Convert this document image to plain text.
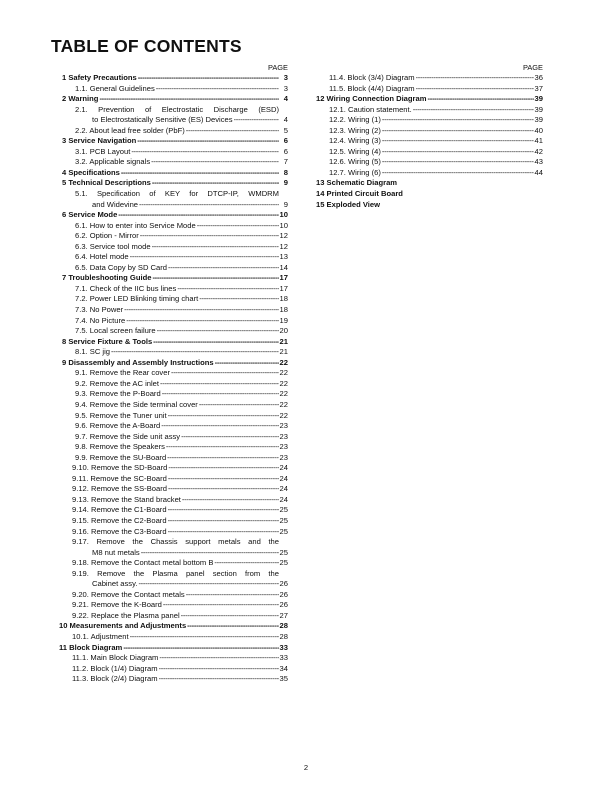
TABLE OF CONTENTS
PAGE
1 Safety Precautions -----	3
1.1. General Guidelines -----	3
2 Warning -----	4
2.1. Prevention of Electrostatic Discharge (ESD)
to Electrostatically Sensitive (ES) Devices -----	4
2.2. About lead free solder (PbF) -----	5
3 Service Navigation -----	6
3.1. PCB Layout -----	6
3.2. Applicable signals -----	7
4 Specifications -----	8
5 Technical Descriptions -----	9
5.1. Specification of KEY for DTCP-IP, WMDRM
and Widevine -----	9
6 Service Mode -----	10
6.1. How to enter into Service Mode -----	10
6.2. Option - Mirror -----	12
6.3. Service tool mode -----	12
6.4. Hotel mode -----	13
6.5. Data Copy by SD Card -----	14
7 Troubleshooting Guide -----	17
7.1. Check of the IIC bus lines -----	17
7.2. Power LED Blinking timing chart -----	18
7.3. No Power -----	18
7.4. No Picture -----	19
7.5. Local screen failure -----	20
8 Service Fixture & Tools -----	21
8.1. SC jig -----	21
9 Disassembly and Assembly Instructions -----	22
9.1. Remove the Rear cover -----	22
9.2. Remove the AC inlet -----	22
9.3. Remove the P-Board -----	22
9.4. Remove the Side terminal cover -----	22
9.5. Remove the Tuner unit -----	22
9.6. Remove the A-Board -----	23
9.7. Remove the Side unit assy -----	23
9.8. Remove the Speakers -----	23
9.9. Remove the SU-Board -----	23
9.10. Remove the SD-Board -----	24
9.11. Remove the SC-Board -----	24
9.12. Remove the SS-Board -----	24
9.13. Remove the Stand bracket -----	24
9.14. Remove the C1-Board -----	25
9.15. Remove the C2-Board -----	25
9.16. Remove the C3-Board -----	25
9.17. Remove the Chassis support metals and the
M8 nut metals -----	25
9.18. Remove the Contact metal bottom B -----	25
9.19. Remove the Plasma panel section from the
Cabinet assy. -----	26
9.20. Remove the Contact metals -----	26
9.21. Remove the K-Board -----	26
9.22. Replace the Plasma panel -----	27
10 Measurements and Adjustments -----	28
10.1. Adjustment -----	28
11 Block Diagram -----	33
11.1. Main Block Diagram -----	33
11.2. Block (1/4) Diagram -----	34
11.3. Block (2/4) Diagram -----	35
PAGE
11.4. Block (3/4) Diagram -----	36
11.5. Block (4/4) Diagram -----	37
12 Wiring Connection Diagram -----	39
12.1. Caution statement. -----	39
12.2. Wiring (1) -----	39
12.3. Wiring (2) -----	40
12.4. Wiring (3) -----	41
12.5. Wiring (4) -----	42
12.6. Wiring (5) -----	43
12.7. Wiring (6) -----	44
13 Schematic Diagram
14 Printed Circuit Board
15 Exploded View
2
